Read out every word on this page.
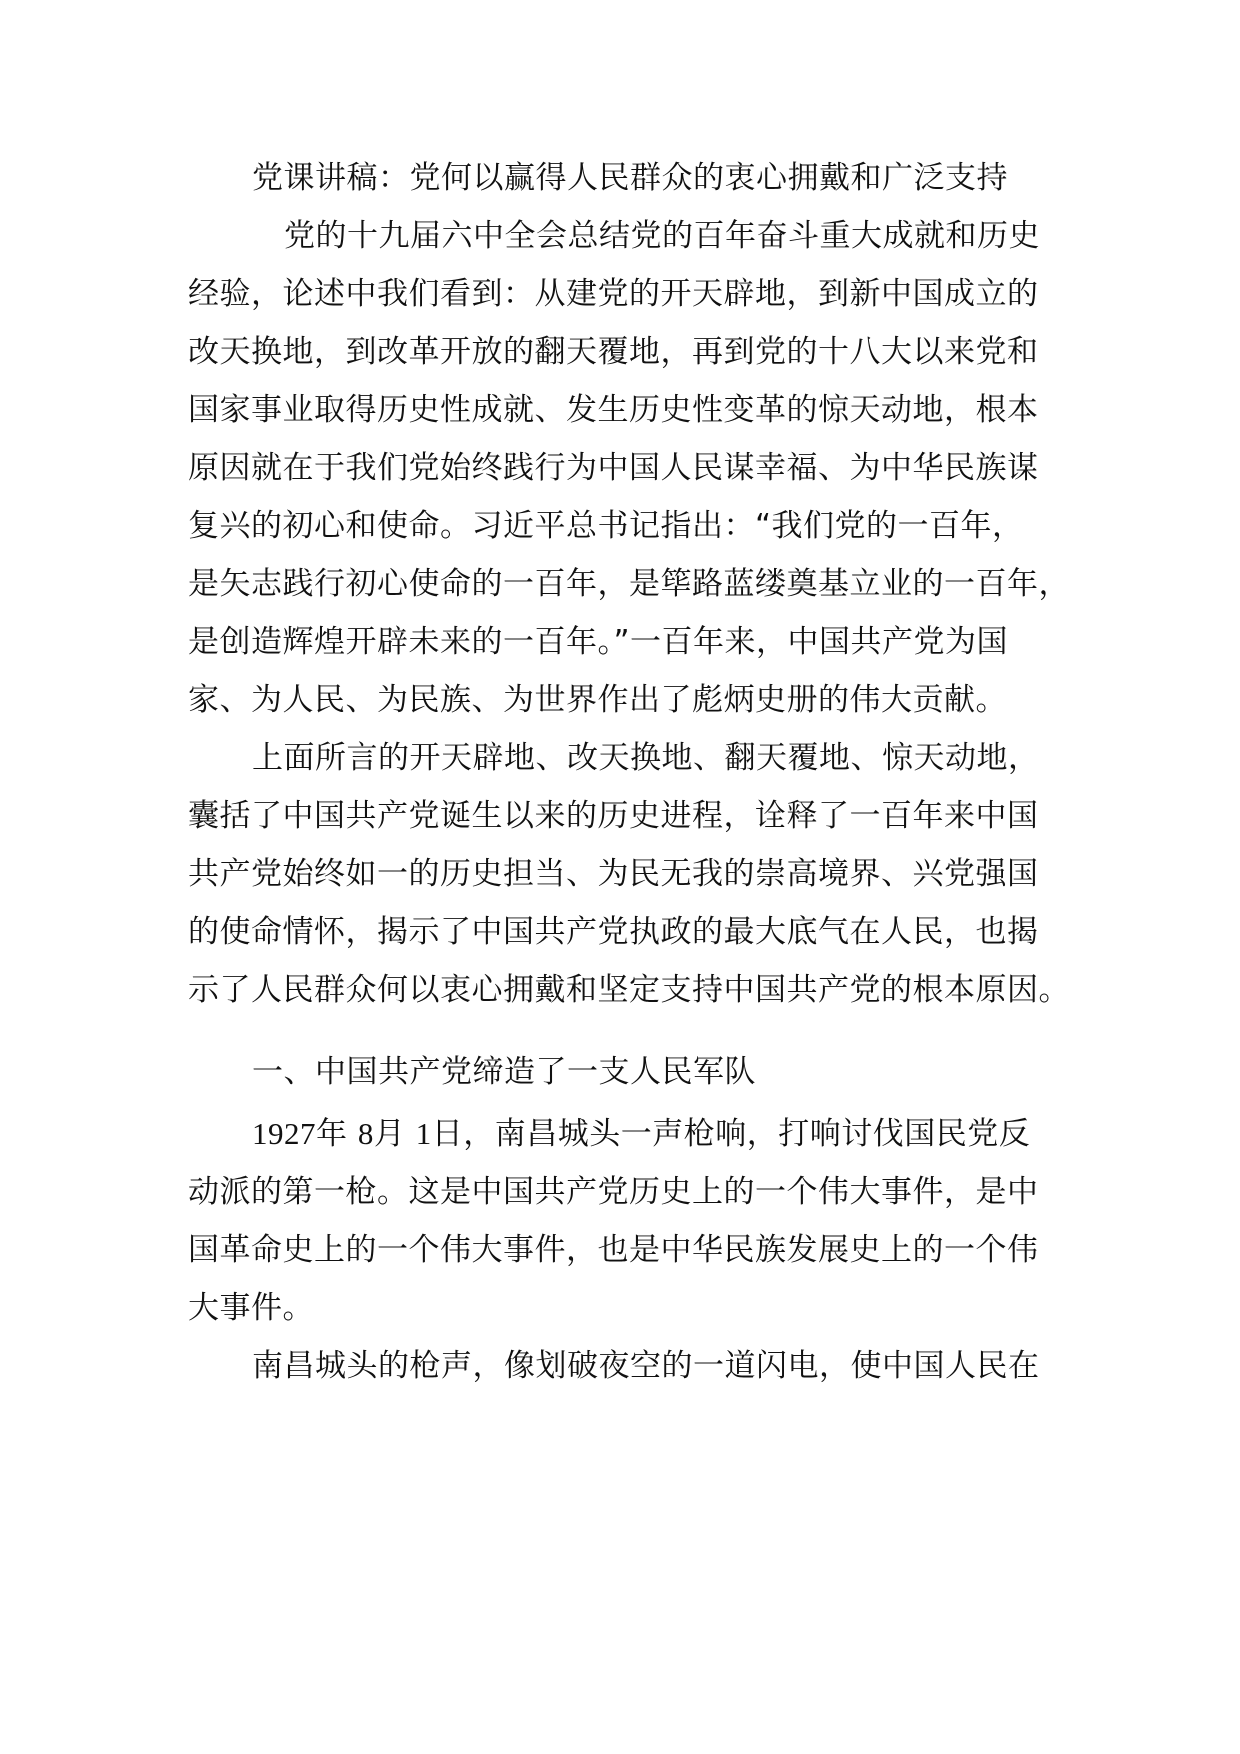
党课讲稿：党何以赢得人民群众的衷心拥戴和广泛支持
党的十九届六中全会总结党的百年奋斗重大成就和历史
经验，论述中我们看到：从建党的开天辟地，到新中国成立的
改天换地，到改革开放的翻天覆地，再到党的十八大以来党和
国家事业取得历史性成就、发生历史性变革的惊天动地，根本
原因就在于我们党始终践行为中国人民谋幸福、为中华民族谋
复兴的初心和使命。习近平总书记指出：“我们党的一百年，
是矢志践行初心使命的一百年，是筚路蓝缕奠基立业的一百年，
是创造辉煌开辟未来的一百年。”一百年来，中国共产党为国
家、为人民、为民族、为世界作出了彪炳史册的伟大贡献。
上面所言的开天辟地、改天换地、翻天覆地、惊天动地，
囊括了中国共产党诞生以来的历史进程，诠释了一百年来中国
共产党始终如一的历史担当、为民无我的崇高境界、兴党强国
的使命情怀，揭示了中国共产党执政的最大底气在人民，也揭
示了人民群众何以衷心拥戴和坚定支持中国共产党的根本原因。
一、中国共产党缔造了一支人民军队
1927年 8月 1日，南昌城头一声枪响，打响讨伐国民党反
动派的第一枪。这是中国共产党历史上的一个伟大事件，是中
国革命史上的一个伟大事件，也是中华民族发展史上的一个伟
大事件。
南昌城头的枪声，像划破夜空的一道闪电，使中国人民在
